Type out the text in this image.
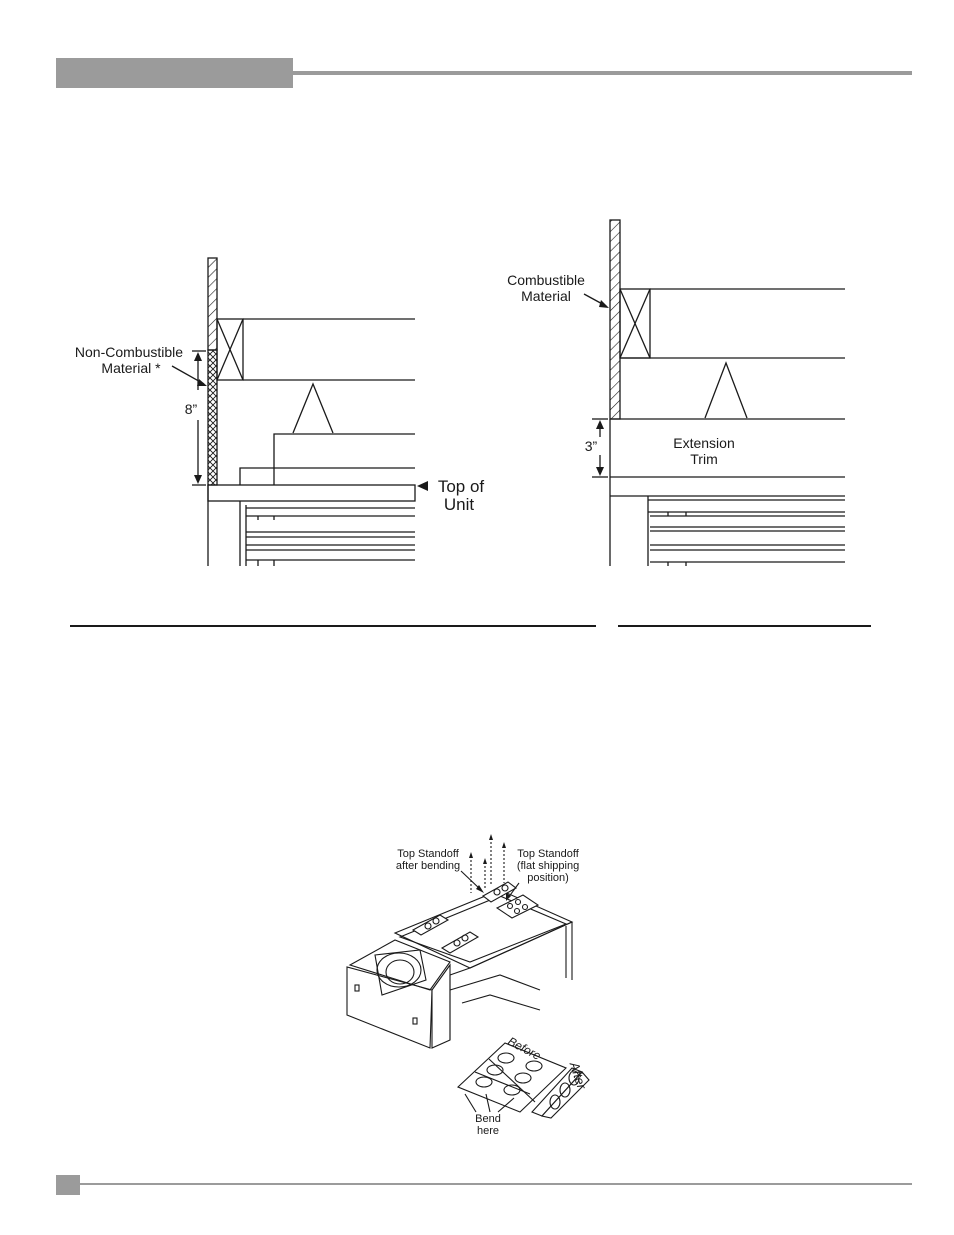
Non-Combustible
Material *
8”
Top of
Unit
Combustible
Material
3”	Extension
Trim
Top Standoff
after bending
Top Standoff
(flat shipping
position)
Before
After
Bend
here
